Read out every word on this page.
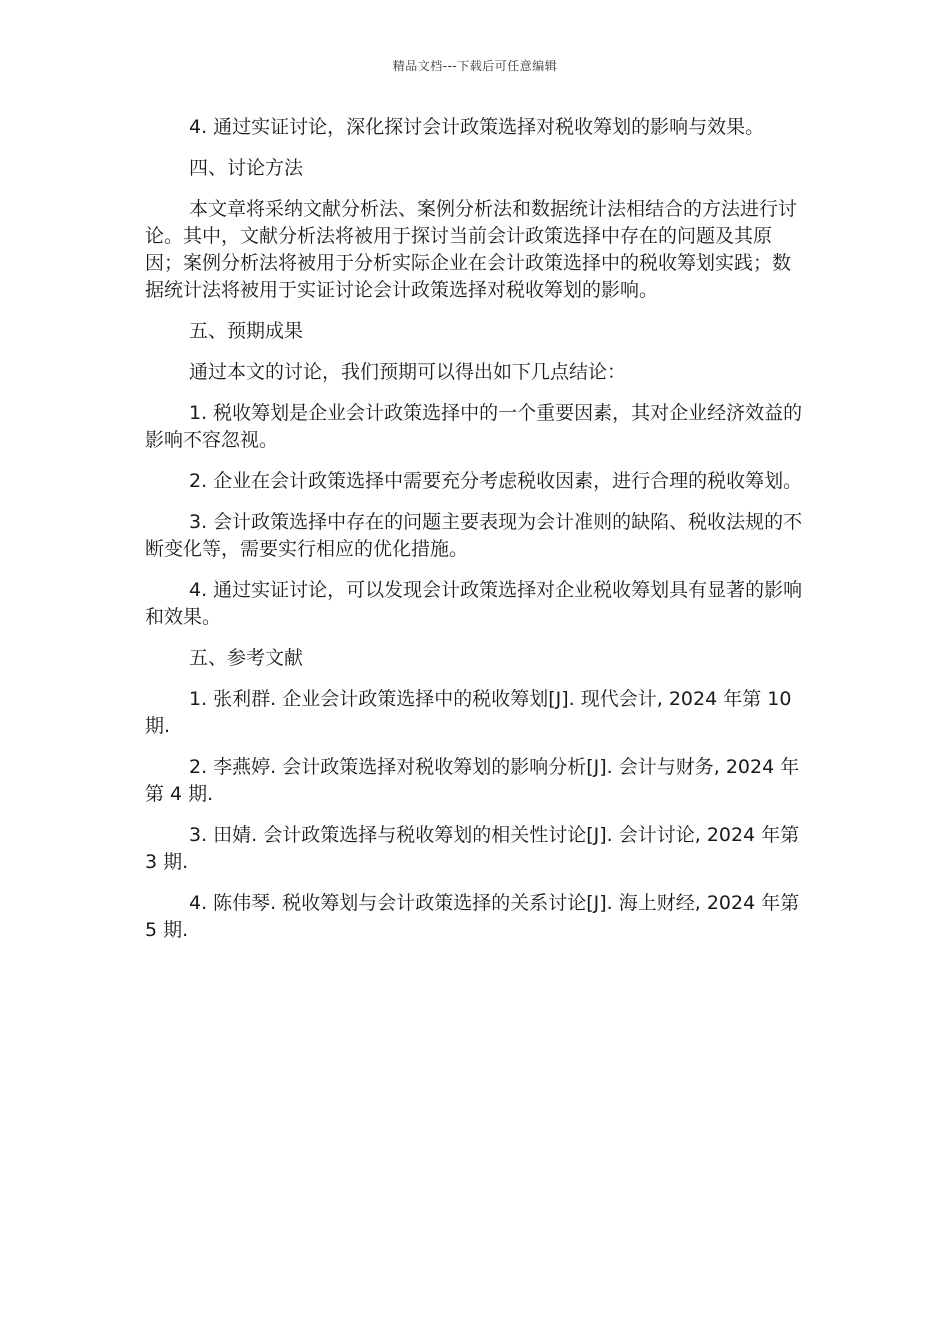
精品文档---下载后可任意编辑

4. 通过实证讨论，深化探讨会计政策选择对税收筹划的影响与效果。

四、讨论方法

本文章将采纳文献分析法、案例分析法和数据统计法相结合的方法进行讨论。其中，文献分析法将被用于探讨当前会计政策选择中存在的问题及其原因；案例分析法将被用于分析实际企业在会计政策选择中的税收筹划实践；数据统计法将被用于实证讨论会计政策选择对税收筹划的影响。

五、预期成果

通过本文的讨论，我们预期可以得出如下几点结论：

1. 税收筹划是企业会计政策选择中的一个重要因素，其对企业经济效益的影响不容忽视。

2. 企业在会计政策选择中需要充分考虑税收因素，进行合理的税收筹划。

3. 会计政策选择中存在的问题主要表现为会计准则的缺陷、税收法规的不断变化等，需要实行相应的优化措施。

4. 通过实证讨论，可以发现会计政策选择对企业税收筹划具有显著的影响和效果。

五、参考文献

1. 张利群. 企业会计政策选择中的税收筹划[J]. 现代会计, 2024 年第 10 期.

2. 李燕婷. 会计政策选择对税收筹划的影响分析[J]. 会计与财务, 2024 年第 4 期.

3. 田婧. 会计政策选择与税收筹划的相关性讨论[J]. 会计讨论, 2024 年第 3 期.

4. 陈伟琴. 税收筹划与会计政策选择的关系讨论[J]. 海上财经, 2024 年第 5 期.
